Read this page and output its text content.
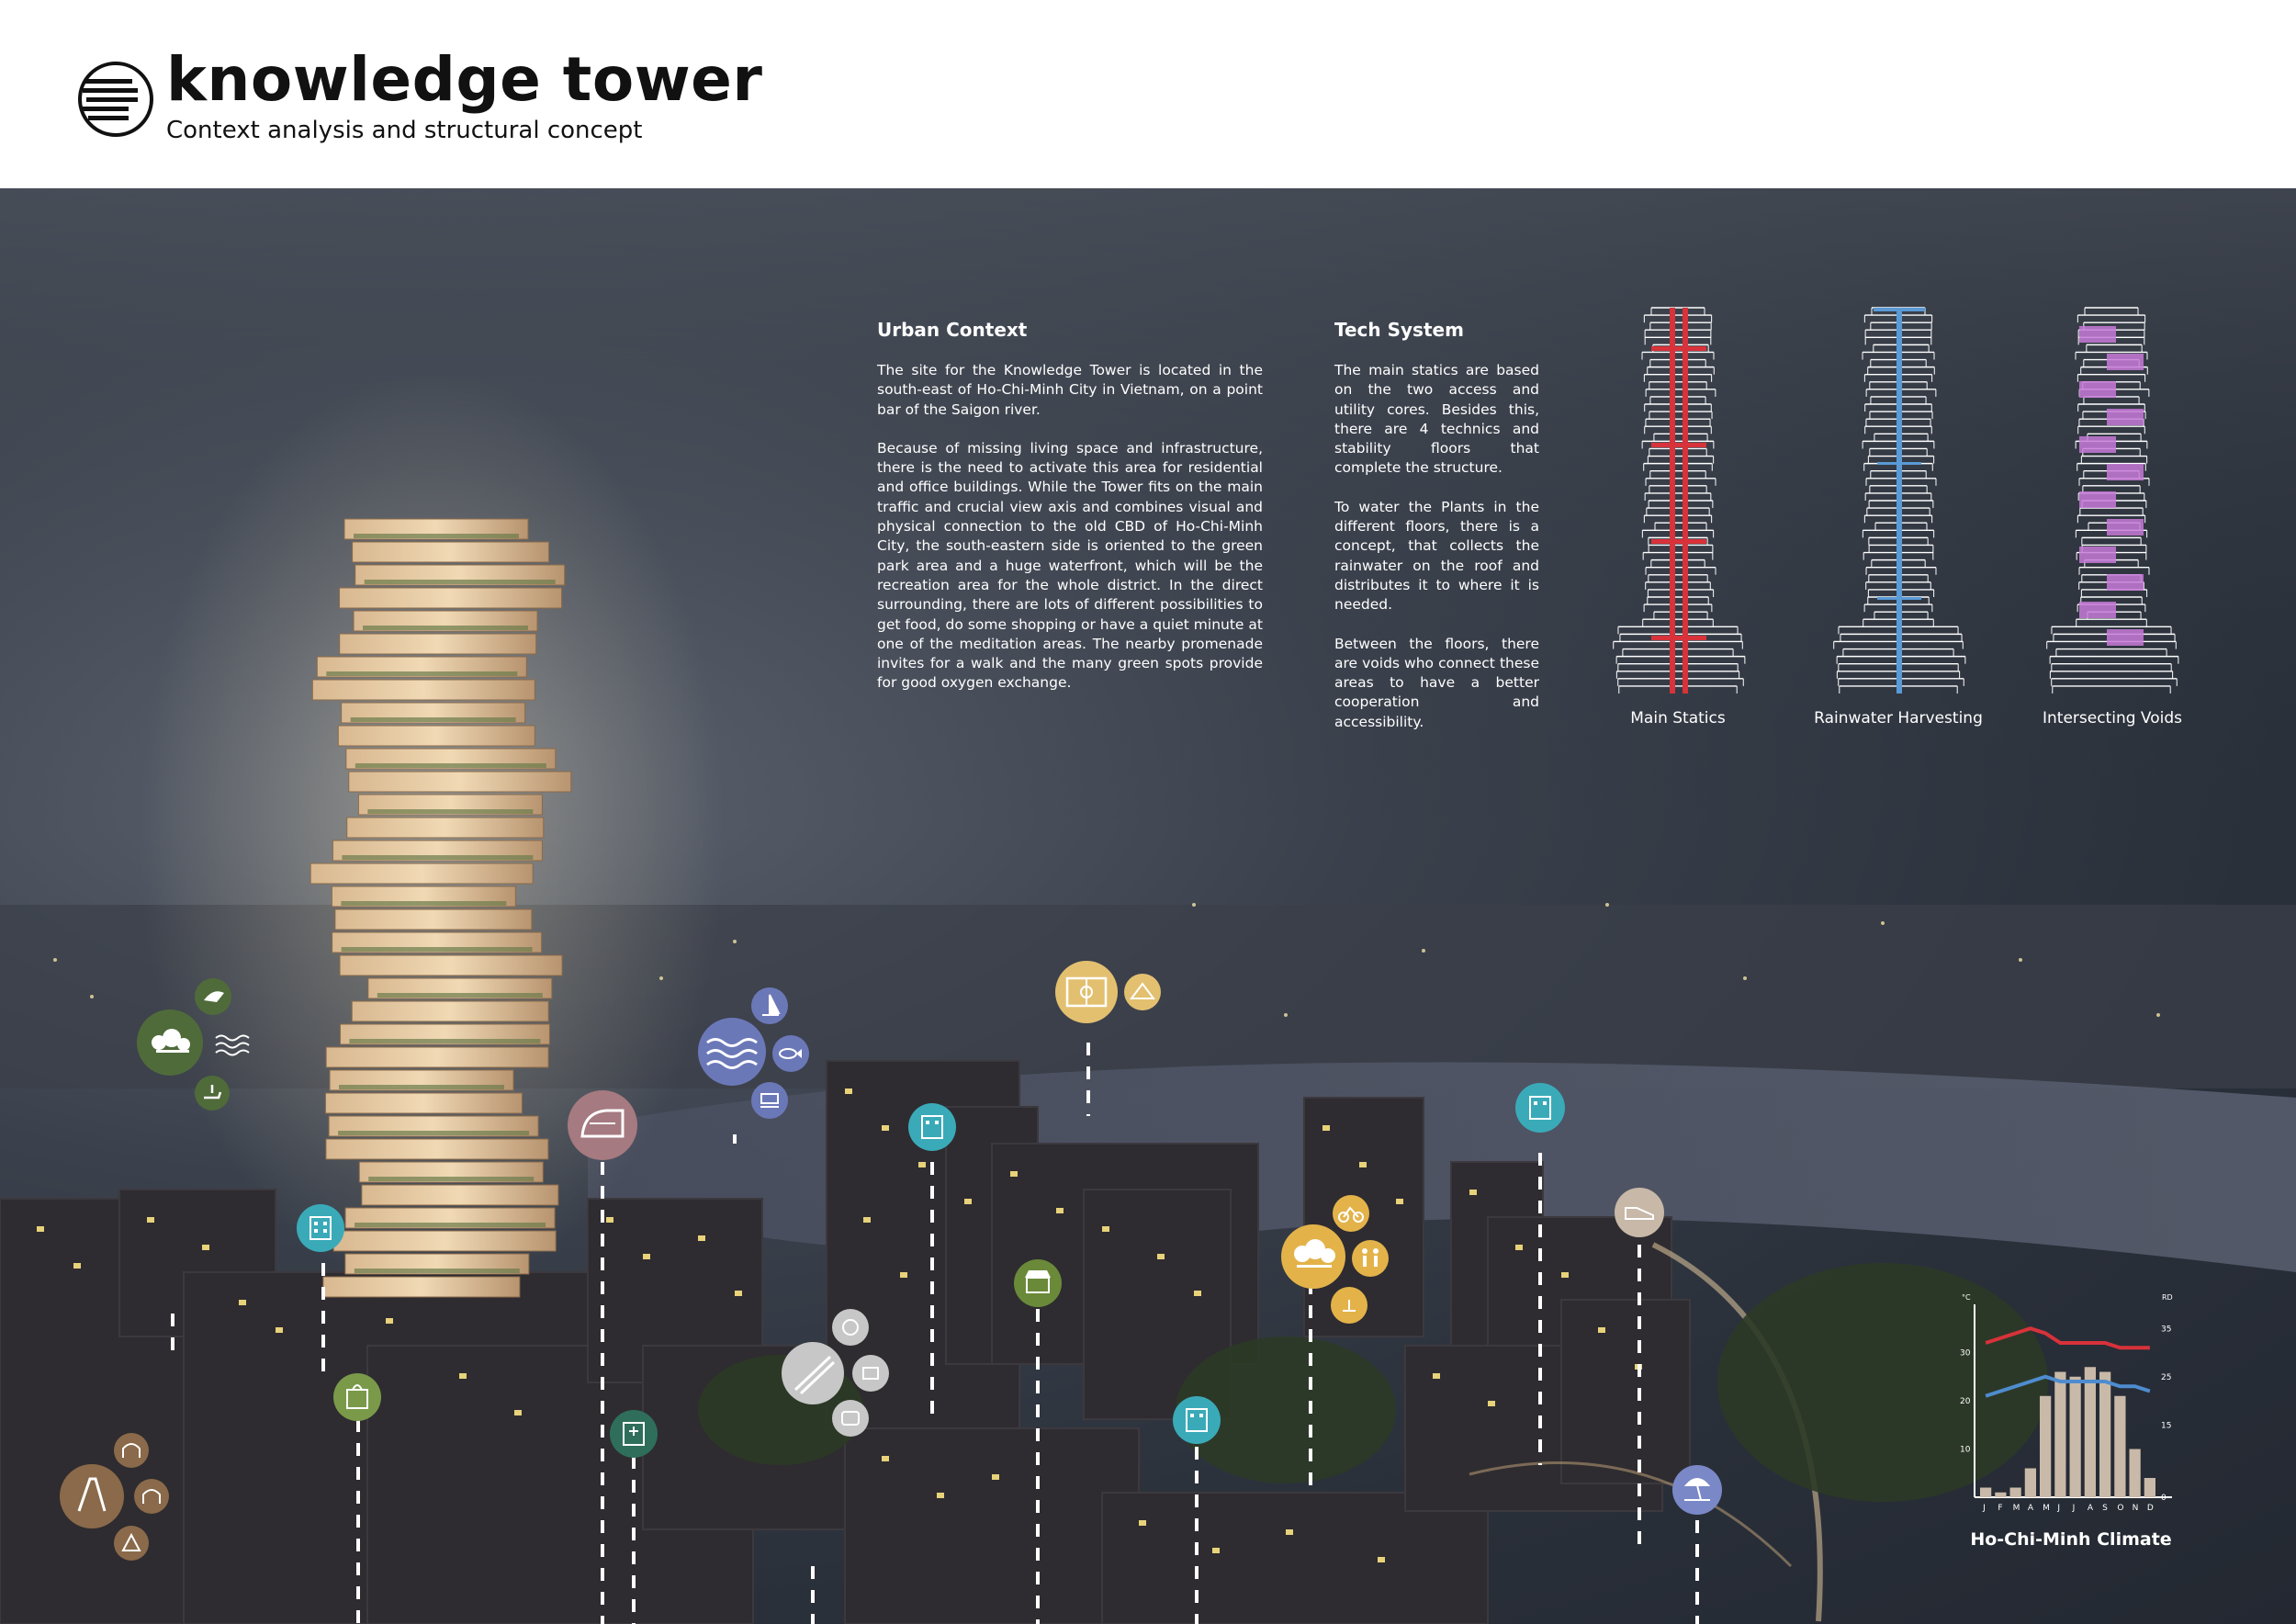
knowledge tower
Context analysis and structural concept
Urban Context

The site for the Knowledge Tower is located in the south-east of Ho-Chi-Minh City in Vietnam, on a point bar of the Saigon river.

Because of missing living space and infrastructure, there is the need to activate this area for residential and office buildings. While the Tower fits on the main traffic and crucial view axis and combines visual and physical connection to the old CBD of Ho-Chi-Minh City, the south-eastern side is oriented to the green park area and a huge waterfront, which will be the recreation area for the whole district. In the direct surrounding, there are lots of different possibilities to get food, do some shopping or have a quiet minute at one of the meditation areas. The nearby promenade invites for a walk and the many green spots provide for good oxygen exchange.

Tech System

The main statics are based on the two access and utility cores. Besides this, there are 4 technics and stability floors that complete the structure.

To water the Plants in the different floors, there is a concept, that collects the rainwater on the roof and distributes it to where it is needed.

Between the floors, there are voids who connect these areas to have a better cooperation and accessibility.	Main Statics	Rainwater Harvesting	Intersecting Voids
30
20
10
35
25
15
0
J F M A M J J A S O N D
°C	RD
Ho-Chi-Minh Climate
